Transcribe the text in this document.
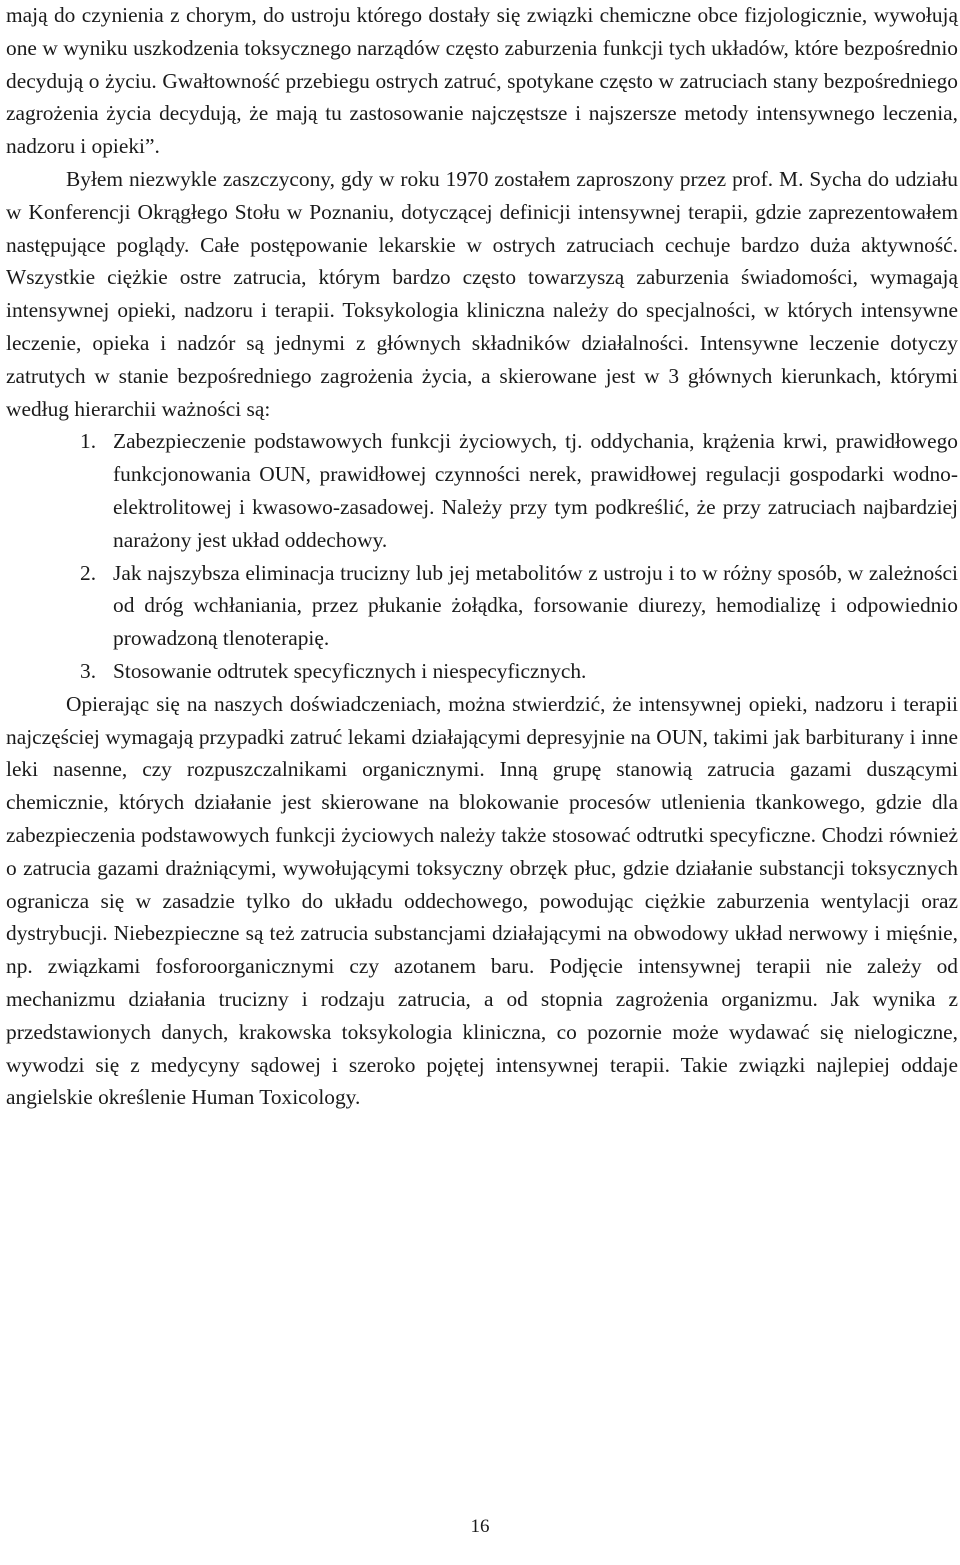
mają do czynienia z chorym, do ustroju którego dostały się związki chemiczne obce fizjologicznie, wywołują one w wyniku uszkodzenia toksycznego narządów często zaburzenia funkcji tych układów, które bezpośrednio decydują o życiu. Gwałtowność przebiegu ostrych zatruć, spotykane często w zatruciach stany bezpośredniego zagrożenia życia decydują, że mają tu zastosowanie najczęstsze i najszersze metody intensywnego leczenia, nadzoru i opieki”.

Byłem niezwykle zaszczycony, gdy w roku 1970 zostałem zaproszony przez prof. M. Sycha do udziału w Konferencji Okrągłego Stołu w Poznaniu, dotyczącej definicji intensywnej terapii, gdzie zaprezentowałem następujące poglądy. Całe postępowanie lekarskie w ostrych zatruciach cechuje bardzo duża aktywność. Wszystkie ciężkie ostre zatrucia, którym bardzo często towarzyszą zaburzenia świadomości, wymagają intensywnej opieki, nadzoru i terapii. Toksykologia kliniczna należy do specjalności, w których intensywne leczenie, opieka i nadzór są jednymi z głównych składników działalności. Intensywne leczenie dotyczy zatrutych w stanie bezpośredniego zagrożenia życia, a skierowane jest w 3 głównych kierunkach, którymi według hierarchii ważności są:

1. Zabezpieczenie podstawowych funkcji życiowych, tj. oddychania, krążenia krwi, prawidłowego funkcjonowania OUN, prawidłowej czynności nerek, prawidłowej regulacji gospodarki wodno-elektrolitowej i kwasowo-zasadowej. Należy przy tym podkreślić, że przy zatruciach najbardziej narażony jest układ oddechowy.
2. Jak najszybsza eliminacja trucizny lub jej metabolitów z ustroju i to w różny sposób, w zależności od dróg wchłaniania, przez płukanie żołądka, forsowanie diurezy, hemodializę i odpowiednio prowadzoną tlenoterapię.
3. Stosowanie odtrutek specyficznych i niespecyficznych.

Opierając się na naszych doświadczeniach, można stwierdzić, że intensywnej opieki, nadzoru i terapii najczęściej wymagają przypadki zatruć lekami działającymi depresyjnie na OUN, takimi jak barbiturany i inne leki nasenne, czy rozpuszczalnikami organicznymi. Inną grupę stanowią zatrucia gazami duszącymi chemicznie, których działanie jest skierowane na blokowanie procesów utlenienia tkankowego, gdzie dla zabezpieczenia podstawowych funkcji życiowych należy także stosować odtrutki specyficzne. Chodzi również o zatrucia gazami drażniącymi, wywołującymi toksyczny obrzęk płuc, gdzie działanie substancji toksycznych ogranicza się w zasadzie tylko do układu oddechowego, powodując ciężkie zaburzenia wentylacji oraz dystrybucji. Niebezpieczne są też zatrucia substancjami działającymi na obwodowy układ nerwowy i mięśnie, np. związkami fosforoorganicznymi czy azotanem baru. Podjęcie intensywnej terapii nie zależy od mechanizmu działania trucizny i rodzaju zatrucia, a od stopnia zagrożenia organizmu. Jak wynika z przedstawionych danych, krakowska toksykologia kliniczna, co pozornie może wydawać się nielogiczne, wywodzi się z medycyny sądowej i szeroko pojętej intensywnej terapii. Takie związki najlepiej oddaje angielskie określenie Human Toxicology.

16
